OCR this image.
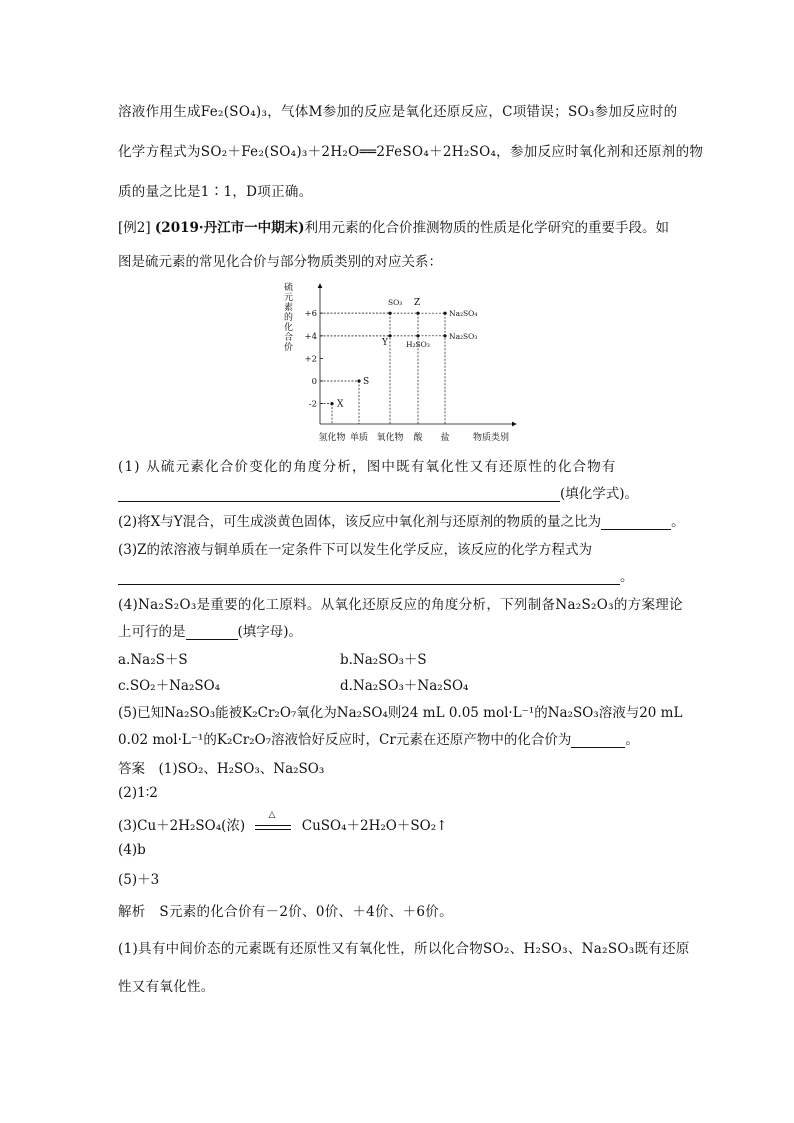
溶液作用生成Fe₂(SO₄)₃，气体M参加的反应是氧化还原反应，C项错误；SO₃参加反应时的
化学方程式为SO₂＋Fe₂(SO₄)₃＋2H₂O══2FeSO₄＋2H₂SO₄，参加反应时氧化剂和还原剂的物
质的量之比是1∶1，D项正确。
[例2] (2019·丹江市一中期末)利用元素的化合价推测物质的性质是化学研究的重要手段。如
图是硫元素的常见化合价与部分物质类别的对应关系：
硫
元
素
的
化
合
价
+6
+4
+2
0
-2 X
S
SO₃
Y
Z
H₂SO₃
Na₂SO₄
Na₂SO₃
氢化物 单质 氧化物 酸 盐	物质类别
(1) 从硫元素化合价变化的角度分析，图中既有氧化性又有还原性的化合物有
(填化学式)。
(2)将X与Y混合，可生成淡黄色固体，该反应中氧化剂与还原剂的物质的量之比为	。
(3)Z的浓溶液与铜单质在一定条件下可以发生化学反应，该反应的化学方程式为
。
(4)Na₂S₂O₃是重要的化工原料。从氧化还原反应的角度分析，下列制备Na₂S₂O₃的方案理论
上可行的是	(填字母)。
a.Na₂S＋S	b.Na₂SO₃＋S
c.SO₂＋Na₂SO₄	d.Na₂SO₃＋Na₂SO₄
(5)已知Na₂SO₃能被K₂Cr₂O₇氧化为Na₂SO₄则24 mL 0.05 mol·L⁻¹的Na₂SO₃溶液与20 mL
0.02 mol·L⁻¹的K₂Cr₂O₇溶液恰好反应时，Cr元素在还原产物中的化合价为	。
答案　(1)SO₂、H₂SO₃、Na₂SO₃
(2)1∶2
(3)Cu＋2H₂SO₄(浓)
△
CuSO₄＋2H₂O＋SO₂↑
(4)b
(5)＋3
解析　S元素的化合价有－2价、0价、＋4价、＋6价。
(1)具有中间价态的元素既有还原性又有氧化性，所以化合物SO₂、H₂SO₃、Na₂SO₃既有还原
性又有氧化性。
